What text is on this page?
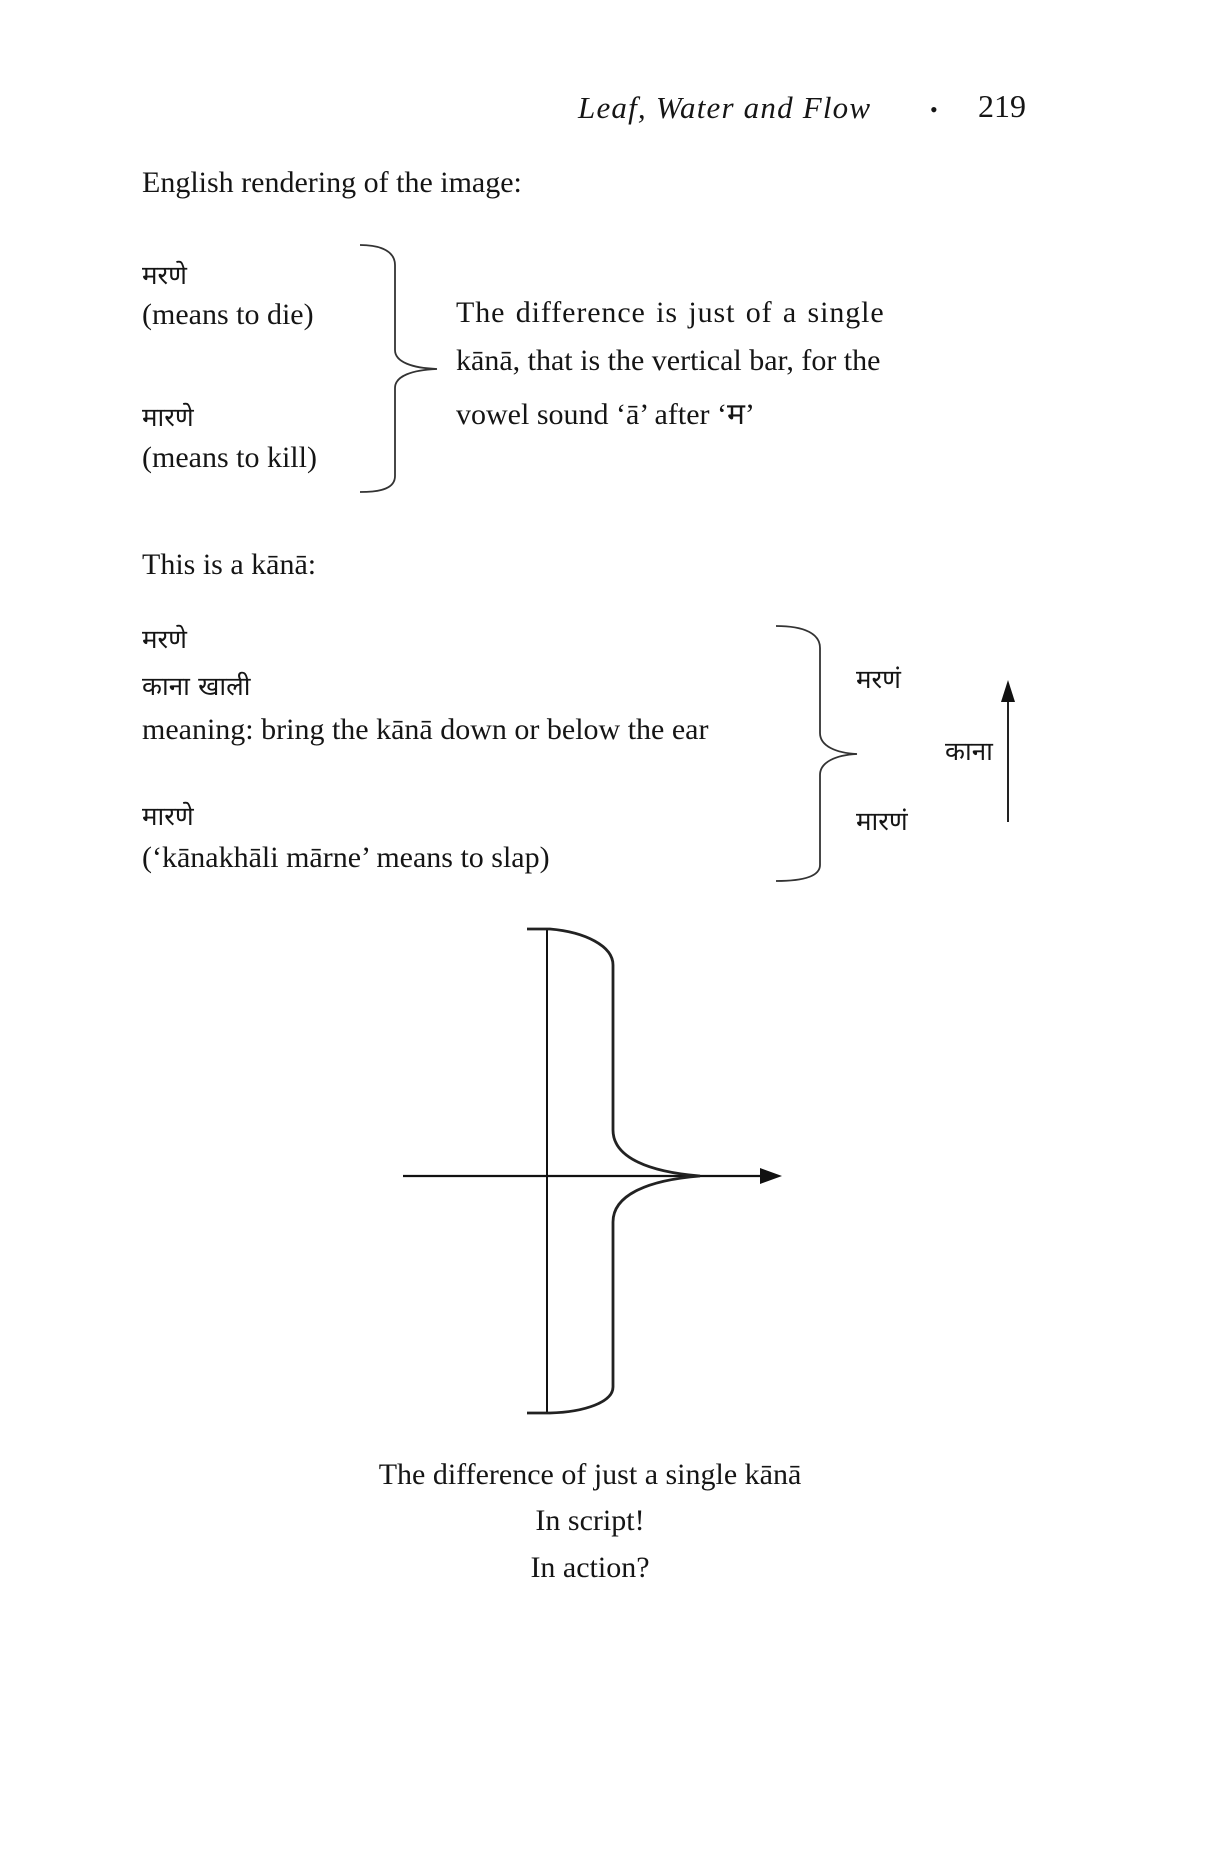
Leaf, Water and Flow	• 219
English rendering of the image:
मरणे
(means to die)
मारणे
(means to kill)
The difference is just of a single
kānā, that is the vertical bar, for the
vowel sound ‘ā’ after ‘म’
This is a kānā:
मरणे
काना खाली
meaning: bring the kānā down or below the ear
मारणे
(‘kānakhāli mārne’ means to slap)
मरणं
मारणं
काना
The difference of just a single kānā
In script!
In action?
